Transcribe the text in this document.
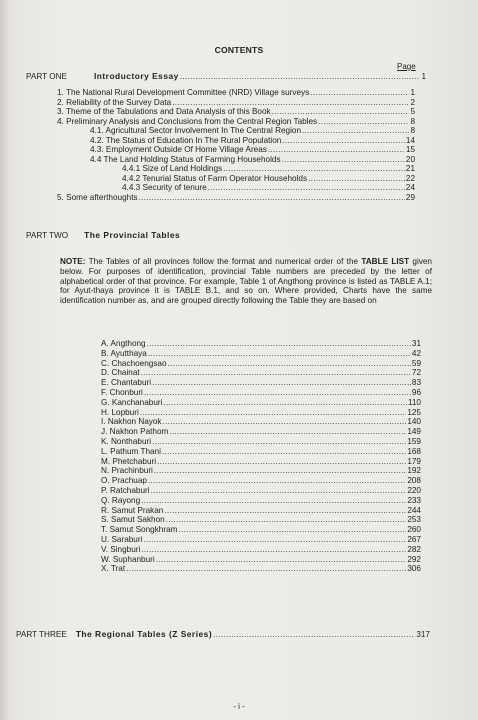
CONTENTS
Page
PART ONE	Introductory Essay .....	1
1. The National Rural Development Committee (NRD) Village surveys .....	1
2. Reliability of the Survey Data .....	2
3. Theme of the Tabulations and Data Analysis of this Book .....	5
4. Preliminary Analysis and Conclusions from the Central Region Tables .....	8
4.1. Agricultural Sector Involvement In The Central Region .....	8
4.2. The Status of Education In The Rural Population .....	14
4.3. Employment Outside Of Home Village Areas .....	15
4.4 The Land Holding Status of Farming Households .....	20
4.4.1 Size of Land Holdings .....	21
4.4.2 Tenurial Status of Farm Operator Households .....	22
4.4.3 Security of tenure .....	24
5. Some afterthoughts .....	29
PART TWO The Provincial Tables
NOTE: The Tables of all provinces follow the format and numerical order of the TABLE LIST given below. For purposes of identification, provincial Table numbers are preceded by the letter of alphabetical order of that province. For example, Table 1 of Angthong province is listed as TABLE A.1; for Ayut-thaya province it is TABLE B.1, and so on. Where provided, Charts have the same identification number as, and are grouped directly following the Table they are based on
A. Angthong .....	31
B. Ayutthaya .....	42
C. Chachoengsao .....	59
D. Chainat .....	72
E. Chantaburi .....	83
F. Chonburi .....	96
G. Kanchanaburi .....	110
H. Lopburi .....	125
I. Nakhon Nayok .....	140
J. Nakhon Pathom .....	149
K. Nonthaburi .....	159
L. Pathum Thani .....	168
M. Phetchaburi .....	179
N. Prachinburi .....	192
O. Prachuap .....	208
P. Ratchaburi .....	220
Q. Rayong .....	233
R. Samut Prakan .....	244
S. Samut Sakhon .....	253
T. Samut Songkhram .....	260
U. Saraburi .....	267
V. Singburi .....	282
W. Suphanburi .....	292
X. Trat .....	306
PART THREE The Regional Tables (Z Series) .....	317
- i -
